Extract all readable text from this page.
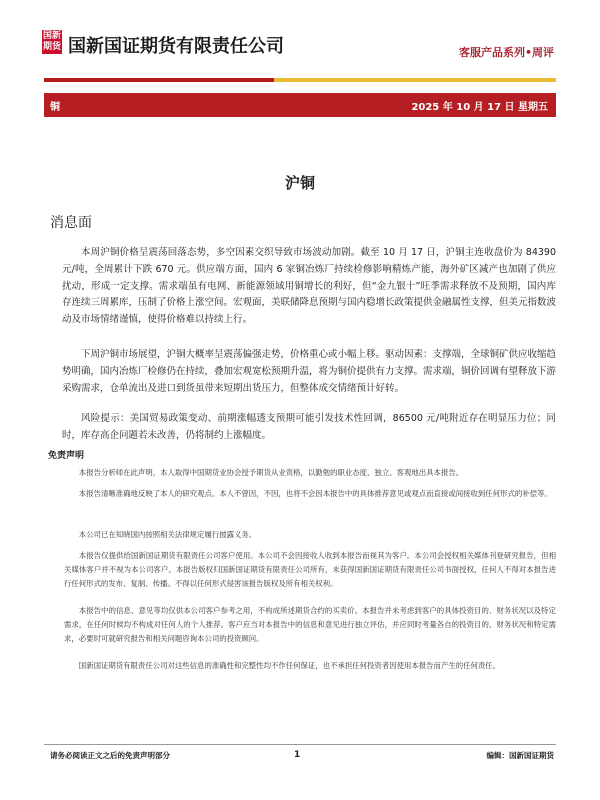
国新 期货 国新国证期货有限责任公司	客服产品系列•周评
铜	2025 年 10 月 17 日 星期五
沪铜
消息面

本周沪铜价格呈震荡回落态势，多空因素交织导致市场波动加剧。截至 10 月 17 日，沪铜主连收盘价为 84390 元/吨，全周累计下跌 670 元。供应端方面，国内 6 家铜冶炼厂持续检修影响精炼产能，海外矿区减产也加剧了供应扰动，形成一定支撑。需求端虽有电网、新能源领域用铜增长的利好，但“金九银十”旺季需求释放不及预期，国内库存连续三周累库，压制了价格上涨空间。宏观面，美联储降息预期与国内稳增长政策提供金融属性支撑，但美元指数波动及市场情绪谨慎，使得价格难以持续上行。

下周沪铜市场展望，沪铜大概率呈震荡偏强走势，价格重心或小幅上移。驱动因素：支撑端，全球铜矿供应收缩趋势明确，国内冶炼厂检修仍在持续，叠加宏观宽松预期升温，将为铜价提供有力支撑。需求端，铜价回调有望释放下游采购需求，仓单流出及进口到货虽带来短期出货压力，但整体成交情绪预计好转。

风险提示：美国贸易政策变动、前期涨幅透支预期可能引发技术性回调，86500 元/吨附近存在明显压力位；同时，库存高企问题若未改善，仍将制约上涨幅度。

免责声明

本报告分析师在此声明，本人取得中国期货业协会授予期货从业资格，以勤勉的职业态度、独立、客观地出具本报告。

本报告清晰准确地反映了本人的研究观点。本人不曾因，不因，也将不会因本报告中的具体推荐意见或观点而直接或间接收到任何形式的补偿等。

本公司已在知晓国内按照相关法律规定履行披露义务。

本报告仅提供给国新国证期货有限责任公司客户使用。本公司不会因接收人收到本报告而视其为客户。本公司会授权相关媒体刊登研究报告，但相关媒体客户并不视为本公司客户。本报告版权归国新国证期货有限责任公司所有，未获得国新国证期货有限责任公司书面授权，任何人不得对本报告进行任何形式的发布、复制、传播。不得以任何形式侵害该报告版权及所有相关权利。

本报告中的信息、意见等均仅供本公司客户参考之用，不构成所述期货合约的买卖价。本报告并未考虑到客户的具体投资目的、财务状况以及特定需求，在任何时候均不构成对任何人的个人推荐。客户应当对本报告中的信息和意见进行独立评估，并应同时考量各自的投资目的、财务状况和特定需求，必要时可就研究报告和相关问题咨询本公司的投资顾问。

国新国证期货有限责任公司对这些信息的准确性和完整性均不作任何保证，也不承担任何投资者因使用本报告而产生的任何责任。

请务必阅读正文之后的免责声明部分	1	编辑：国新国证期货
